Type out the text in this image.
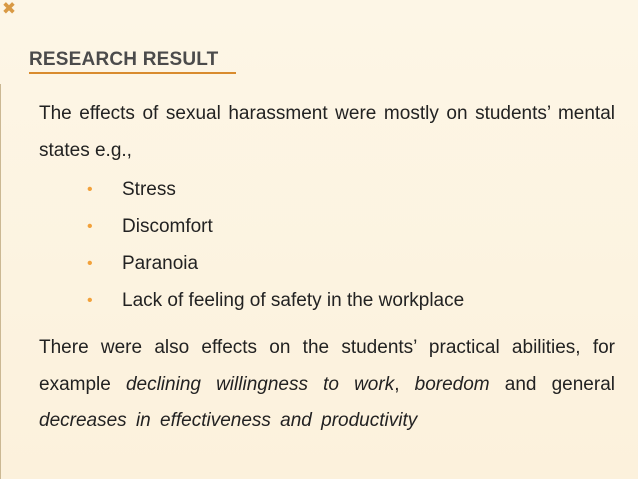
✖
RESEARCH RESULT

The effects of sexual harassment were mostly on students’ mental states e.g.,

• Stress
• Discomfort
• Paranoia
• Lack of feeling of safety in the workplace

There were also effects on the students’ practical abilities, for example declining willingness to work, boredom and general decreases in effectiveness and productivity
